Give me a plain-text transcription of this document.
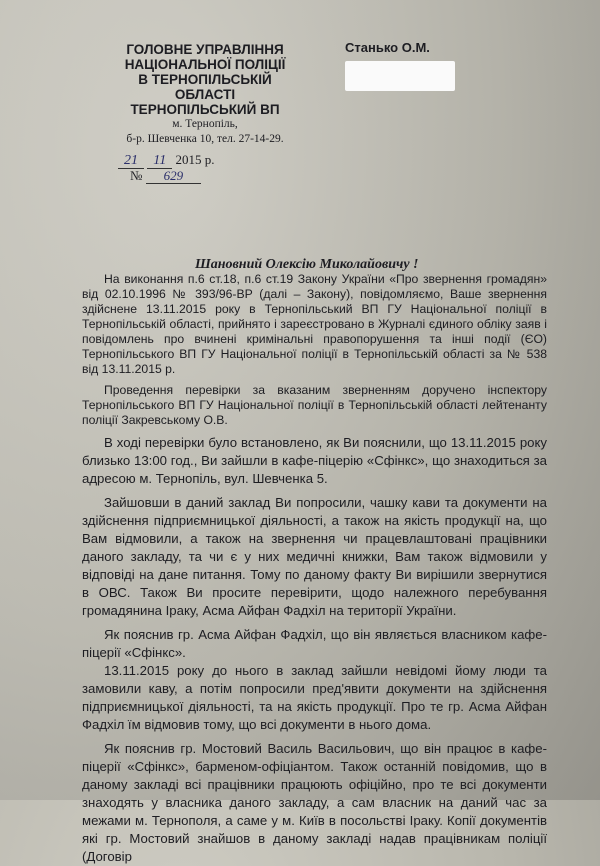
ГОЛОВНЕ УПРАВЛІННЯ

НАЦІОНАЛЬНОЇ ПОЛІЦІЇ

В ТЕРНОПІЛЬСЬКІЙ

ОБЛАСТІ

ТЕРНОПІЛЬСЬКИЙ ВП

м. Тернопіль,

б-р. Шевченка 10, тел. 27-14-29.

Станько О.М.

21 11 2015 р.
№ 629

Шановний Олексію Миколайовичу !

На виконання п.6 ст.18, п.6 ст.19 Закону України «Про звернення громадян» від 02.10.1996 № 393/96-ВР (далі – Закону), повідомляємо, Ваше звернення здійснене 13.11.2015 року в Тернопільський ВП ГУ Національної поліції в Тернопільській області, прийнято і зареєстровано в Журналі єдиного обліку заяв і повідомлень про вчинені кримінальні правопорушення та інші події (ЄО) Тернопільського ВП ГУ Національної поліції в Тернопільській області за № 538 від 13.11.2015 р.

Проведення перевірки за вказаним зверненням доручено інспектору Тернопільського ВП ГУ Національної поліції в Тернопільській області лейтенанту поліції Закревському О.В.

В ході перевірки було встановлено, як Ви пояснили, що 13.11.2015 року близько 13:00 год., Ви зайшли в кафе-піцерію «Сфінкс», що знаходиться за адресою м. Тернопіль, вул. Шевченка 5.

Зайшовши в даний заклад Ви попросили, чашку кави та документи на здійснення підприємницької діяльності, а також на якість продукції на, що Вам відмовили, а також на звернення чи працевлаштовані працівники даного закладу, та чи є у них медичні книжки, Вам також відмовили у відповіді на дане питання. Тому по даному факту Ви вирішили звернутися в ОВС. Також Ви просите перевірити, щодо належного перебування громадянина Іраку, Асма Айфан Фадхіл на території України.

Як пояснив гр. Асма Айфан Фадхіл, що він являється власником кафе-піцерії «Сфінкс».

13.11.2015 року до нього в заклад зайшли невідомі йому люди та замовили каву, а потім попросили пред'явити документи на здійснення підприємницької діяльності, та на якість продукції. Про те гр. Асма Айфан Фадхіл їм відмовив тому, що всі документи в нього дома.

Як пояснив гр. Мостовий Василь Васильович, що він працює в кафе-піцерії «Сфінкс», барменом-офіціантом. Також останній повідомив, що в даному закладі всі працівники працюють офіційно, про те всі документи знаходять у власника даного закладу, а сам власник на даний час за межами м. Тернополя, а саме у м. Київ в посольстві Іраку. Копії документів які гр. Мостовий знайшов в даному закладі надав працівникам поліції (Договір
